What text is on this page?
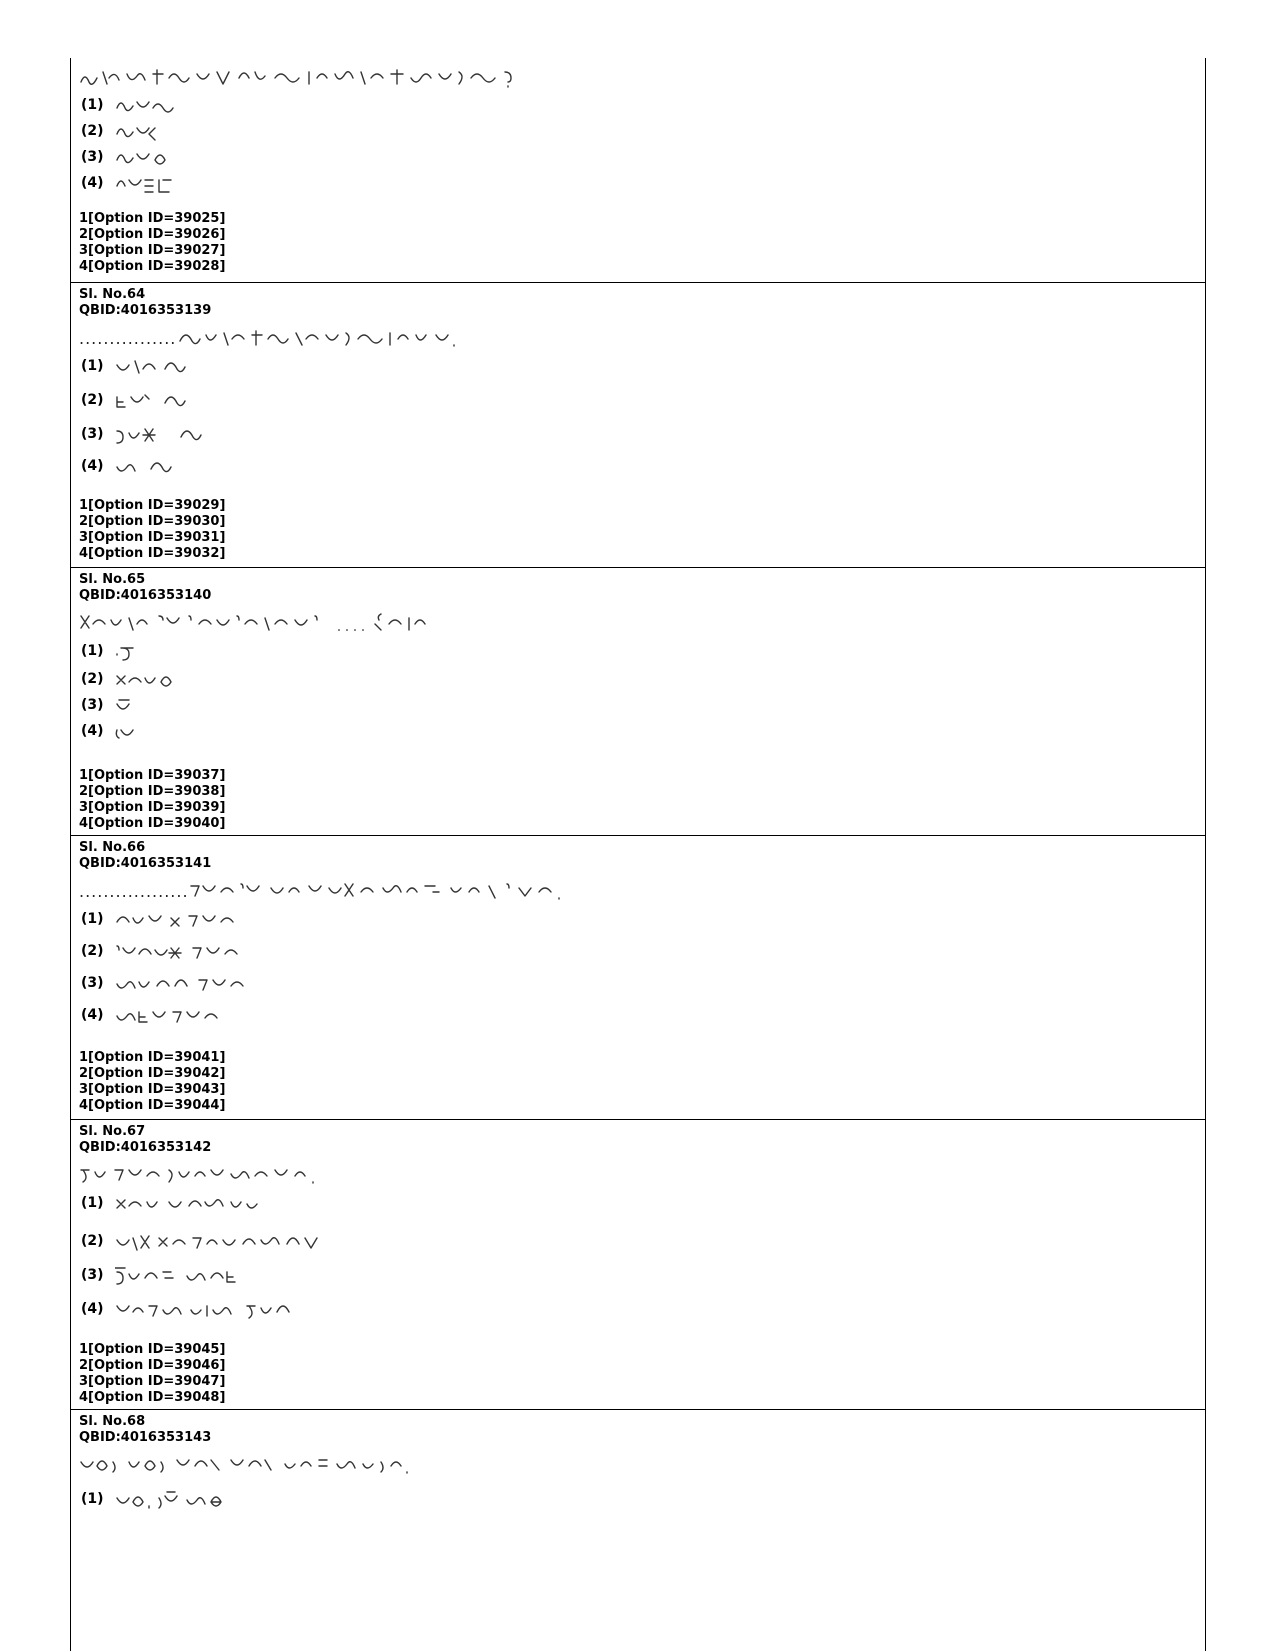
(1)
(2)
(3)
(4)
1[Option ID=39025]
2[Option ID=39026]
3[Option ID=39027]
4[Option ID=39028]
Sl. No.64
QBID:4016353139
................
(1)
(2)
(3)
(4)
1[Option ID=39029]
2[Option ID=39030]
3[Option ID=39031]
4[Option ID=39032]
Sl. No.65
QBID:4016353140
(1)
(2)
(3)
(4)
1[Option ID=39037]
2[Option ID=39038]
3[Option ID=39039]
4[Option ID=39040]
Sl. No.66
QBID:4016353141
..................
(1)
(2)
(3)
(4)
1[Option ID=39041]
2[Option ID=39042]
3[Option ID=39043]
4[Option ID=39044]
Sl. No.67
QBID:4016353142
(1)
(2)
(3)
(4)
1[Option ID=39045]
2[Option ID=39046]
3[Option ID=39047]
4[Option ID=39048]
Sl. No.68
QBID:4016353143
(1)
